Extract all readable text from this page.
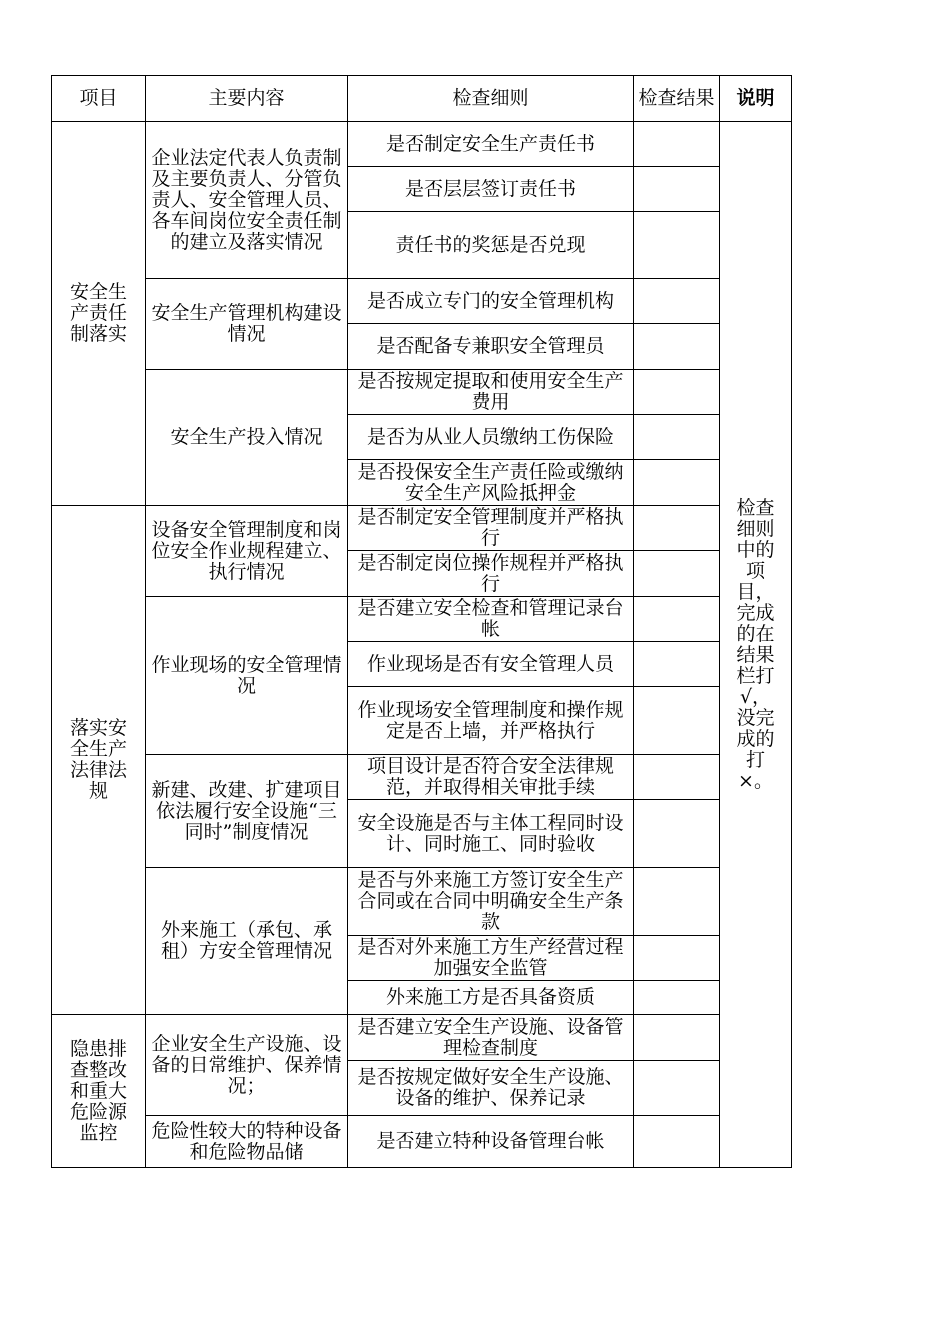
项目	主要内容	检查细则	检查结果	说明	

安全生产责任制落实	企业法定代表人负责制及主要负责人、分管负责人、安全管理人员、各车间岗位安全责任制的建立及落实情况	是否制定安全生产责任书		检查细则中的项目，完成的在结果栏打√，没完成的打×。	

		是否层层签订责任书			
		责任书的奖惩是否兑现			
	安全生产管理机构建设情况	是否成立专门的安全管理机构			
		是否配备专兼职安全管理员			
	安全生产投入情况	是否按规定提取和使用安全生产费用			
		是否为从业人员缴纳工伤保险			
		是否投保安全生产责任险或缴纳安全生产风险抵押金			

落实安全生产法律法规	设备安全管理制度和岗位安全作业规程建立、执行情况	是否制定安全管理制度并严格执行			
		是否制定岗位操作规程并严格执行			
	作业现场的安全管理情况	是否建立安全检查和管理记录台帐			
		作业现场是否有安全管理人员			
		作业现场安全管理制度和操作规定是否上墙，并严格执行			
	新建、改建、扩建项目依法履行安全设施“三同时”制度情况	项目设计是否符合安全法律规范，并取得相关审批手续			
		安全设施是否与主体工程同时设计、同时施工、同时验收			
	外来施工（承包、承租）方安全管理情况	是否与外来施工方签订安全生产合同或在合同中明确安全生产条款			
		是否对外来施工方生产经营过程加强安全监管			
		外来施工方是否具备资质			

隐患排查整改和重大危险源监控	企业安全生产设施、设备的日常维护、保养情况；	是否建立安全生产设施、设备管理检查制度			
		是否按规定做好安全生产设施、设备的维护、保养记录			
	危险性较大的特种设备和危险物品储	是否建立特种设备管理台帐		
